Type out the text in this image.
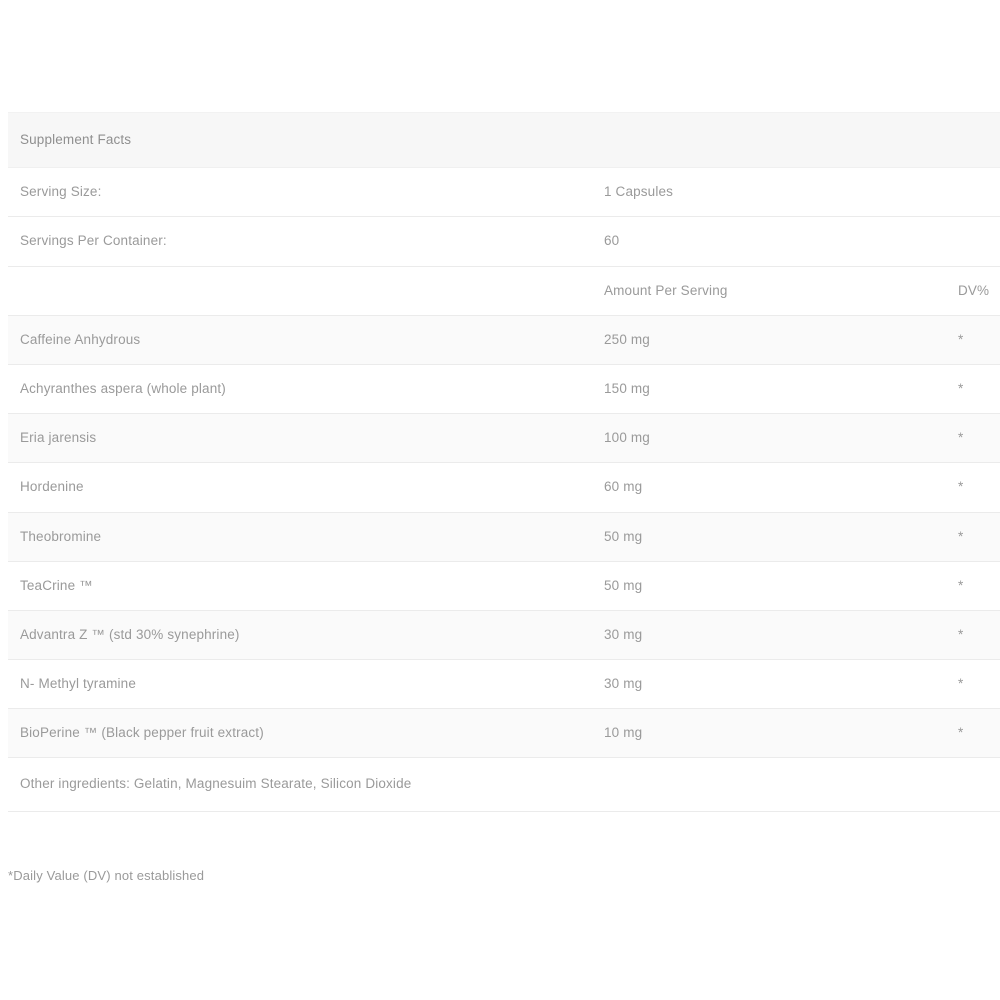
Supplement Facts		
Serving Size:	1 Capsules	
Servings Per Container:	60	
	Amount Per Serving	DV%
Caffeine Anhydrous	250 mg	*
Achyranthes aspera (whole plant)	150 mg	*
Eria jarensis	100 mg	*
Hordenine	60 mg	*
Theobromine	50 mg	*
TeaCrine ™	50 mg	*
Advantra Z ™ (std 30% synephrine)	30 mg	*
N- Methyl tyramine	30 mg	*
BioPerine ™ (Black pepper fruit extract)	10 mg	*
Other ingredients: Gelatin, Magnesuim Stearate, Silicon Dioxide		
*Daily Value (DV) not established
